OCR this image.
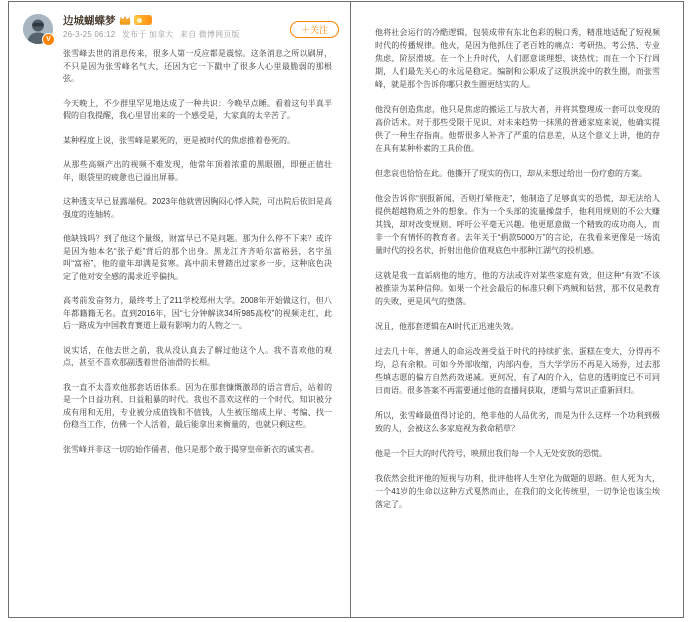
V
边城蝴蝶梦
26-3-25 06:12 发布于 加拿大 来自 微博网页版	＋关注

张雪峰去世的消息传来，很多人第一反应都是震惊。这条消息之所以刷屏，不只是因为张雪峰名气大，还因为它一下戳中了很多人心里最脆弱的那根弦。

今天晚上，不少群里罕见地达成了一种共识：今晚早点睡。看着这句半真半假的自我提醒，我心里冒出来的一个感受是，大家真的太辛苦了。

某种程度上说，张雪峰是累死的，更是被时代的焦虑推着卷死的。

从那些高频产出的视频不难发现，他常年顶着浓重的黑眼圈，即便正值壮年，眼袋里的疲惫也已溢出屏幕。

这种透支早已显露端倪。2023年他就曾因胸闷心悸入院，可出院后依旧是高强度的连轴转。

他缺钱吗？到了他这个量级，财富早已不是问题。那为什么停不下来？或许是因为他本名“张子彪”背后的那个出身。黑龙江齐齐哈尔富裕县，名字虽叫“富裕”，他的童年却满是贫寒。高中前未曾踏出过家乡一步，这种底色决定了他对安全感的渴求近乎偏执。

高考前发奋努力，最终考上了211学校郑州大学。2008年开始做这行，但八年都籍籍无名。直到2016年，因“七分钟解读34所985高校”的视频走红，此后一路成为中国教育赛道上最有影响力的人物之一。

说实话，在他去世之前，我从没认真去了解过他这个人。我不喜欢他的观点，甚至不喜欢那副透着世俗油滑的长相。

我一直不太喜欢他那套话语体系。因为在那套慷慨激昂的语言背后，站着的是一个日益功利、日益粗暴的时代。我也不喜欢这样的一个时代。知识被分成有用和无用，专业被分成值钱和不值钱，人生被压缩成上岸、考编、找一份稳当工作，仿佛一个人活着，最后能拿出来衡量的，也就只剩这些。

张雪峰并非这一切的始作俑者，他只是那个敢于揭穿皇帝新衣的诚实者。

他将社会运行的冷酷逻辑，包装成带有东北色彩的脱口秀，精准地适配了短视频时代的传播规律。他火，是因为他抓住了老百姓的痛点：考研热、考公热、专业焦虑、阶层滑坡。在一个上升时代，人们愿意谈理想、谈热忱；而在一个下行周期，人们最先关心的永远是稳定。编制和公职成了这股洪流中的救生圈，而张雪峰，就是那个告诉你哪只救生圈更结实的人。

他没有创造焦虑，他只是焦虑的搬运工与放大者，并将其整理成一套可以变现的高价话术。对于那些受限于见识、对未来趋势一抹黑的普通家庭来说，他确实提供了一种生存指南。他帮很多人补齐了严重的信息差，从这个意义上讲，他的存在具有某种朴素的工具价值。

但悲哀也恰恰在此。他撕开了现实的伤口，却从未想过给出一份疗愈的方案。

他会告诉你“别报新闻，否则打晕拖走”，他制造了足够真实的恐慌，却无法给人提供超越物质之外的想象。作为一个头部的流量操盘手，他利用规则的不公大赚其钱，却对改变规则、呼吁公平毫无兴趣。他更愿意做一个精致的成功商人，而非一个有情怀的教育者。去年关于“捐款5000万”的言论，在我看来更像是一场流量时代的投名状，折射出他价值观底色中那种江湖气的投机感。

这就是我一直诟病他的地方，他的方法或许对某些家庭有效，但这种“有效”不该被推崇为某种信仰。如果一个社会最后的标准只剩下鸡贼和钻营，那不仅是教育的失败，更是风气的堕落。

况且，他那套逻辑在AI时代正迅速失效。

过去几十年，普通人的命运改善受益于时代的持续扩张。蛋糕在变大，分得再不均，总有余粮。可如今外部收缩，内部内卷，当大学学历不再是入场券，过去那些填志愿的偏方自然药效递减。更何况，有了AI的介入，信息的透明度已不可同日而语。很多答案不再需要通过他的直播间获取，逻辑与常识正重新回归。

所以，张雪峰最值得讨论的，绝非他的人品优劣，而是为什么这样一个功利到极致的人，会被这么多家庭视为救命稻草？

他是一个巨大的时代符号，映照出我们每一个人无处安放的恐慌。

我依然会批评他的短视与功利，批评他将人生窄化为做题的思路。但人死为大，一个41岁的生命以这种方式戛然而止，在我们的文化传统里，一切争论也该尘埃落定了。
